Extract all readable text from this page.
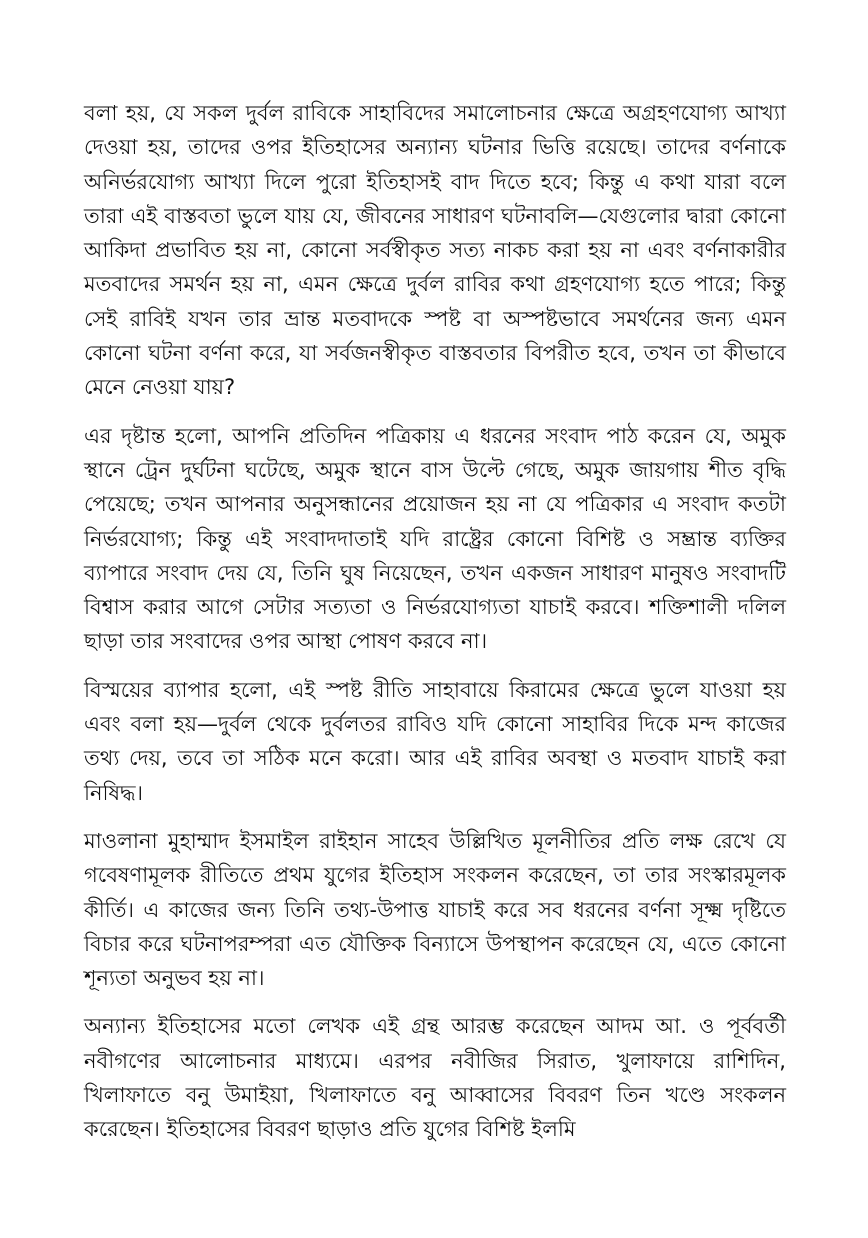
বলা হয়, যে সকল দুর্বল রাবিকে সাহাবিদের সমালোচনার ক্ষেত্রে অগ্রহণযোগ্য আখ্যা দেওয়া হয়, তাদের ওপর ইতিহাসের অন্যান্য ঘটনার ভিত্তি রয়েছে। তাদের বর্ণনাকে অনির্ভরযোগ্য আখ্যা দিলে পুরো ইতিহাসই বাদ দিতে হবে; কিন্তু এ কথা যারা বলে তারা এই বাস্তবতা ভুলে যায় যে, জীবনের সাধারণ ঘটনাবলি—যেগুলোর দ্বারা কোনো আকিদা প্রভাবিত হয় না, কোনো সর্বস্বীকৃত সত্য নাকচ করা হয় না এবং বর্ণনাকারীর মতবাদের সমর্থন হয় না, এমন ক্ষেত্রে দুর্বল রাবির কথা গ্রহণযোগ্য হতে পারে; কিন্তু সেই রাবিই যখন তার ভ্রান্ত মতবাদকে স্পষ্ট বা অস্পষ্টভাবে সমর্থনের জন্য এমন কোনো ঘটনা বর্ণনা করে, যা সর্বজনস্বীকৃত বাস্তবতার বিপরীত হবে, তখন তা কীভাবে মেনে নেওয়া যায়?

এর দৃষ্টান্ত হলো, আপনি প্রতিদিন পত্রিকায় এ ধরনের সংবাদ পাঠ করেন যে, অমুক স্থানে ট্রেন দুর্ঘটনা ঘটেছে, অমুক স্থানে বাস উল্টে গেছে, অমুক জায়গায় শীত বৃদ্ধি পেয়েছে; তখন আপনার অনুসন্ধানের প্রয়োজন হয় না যে পত্রিকার এ সংবাদ কতটা নির্ভরযোগ্য; কিন্তু এই সংবাদদাতাই যদি রাষ্ট্রের কোনো বিশিষ্ট ও সম্ভ্রান্ত ব্যক্তির ব্যাপারে সংবাদ দেয় যে, তিনি ঘুষ নিয়েছেন, তখন একজন সাধারণ মানুষও সংবাদটি বিশ্বাস করার আগে সেটার সত্যতা ও নির্ভরযোগ্যতা যাচাই করবে। শক্তিশালী দলিল ছাড়া তার সংবাদের ওপর আস্থা পোষণ করবে না।

বিস্ময়ের ব্যাপার হলো, এই স্পষ্ট রীতি সাহাবায়ে কিরামের ক্ষেত্রে ভুলে যাওয়া হয় এবং বলা হয়—দুর্বল থেকে দুর্বলতর রাবিও যদি কোনো সাহাবির দিকে মন্দ কাজের তথ্য দেয়, তবে তা সঠিক মনে করো। আর এই রাবির অবস্থা ও মতবাদ যাচাই করা নিষিদ্ধ।

মাওলানা মুহাম্মাদ ইসমাইল রাইহান সাহেব উল্লিখিত মূলনীতির প্রতি লক্ষ রেখে যে গবেষণামূলক রীতিতে প্রথম যুগের ইতিহাস সংকলন করেছেন, তা তার সংস্কারমূলক কীর্তি। এ কাজের জন্য তিনি তথ্য-উপাত্ত যাচাই করে সব ধরনের বর্ণনা সূক্ষ্ম দৃষ্টিতে বিচার করে ঘটনাপরম্পরা এত যৌক্তিক বিন্যাসে উপস্থাপন করেছেন যে, এতে কোনো শূন্যতা অনুভব হয় না।

অন্যান্য ইতিহাসের মতো লেখক এই গ্রন্থ আরম্ভ করেছেন আদম আ. ও পূর্ববর্তী নবীগণের আলোচনার মাধ্যমে। এরপর নবীজির সিরাত, খুলাফায়ে রাশিদিন, খিলাফাতে বনু উমাইয়া, খিলাফাতে বনু আব্বাসের বিবরণ তিন খণ্ডে সংকলন করেছেন। ইতিহাসের বিবরণ ছাড়াও প্রতি যুগের বিশিষ্ট ইলমি
